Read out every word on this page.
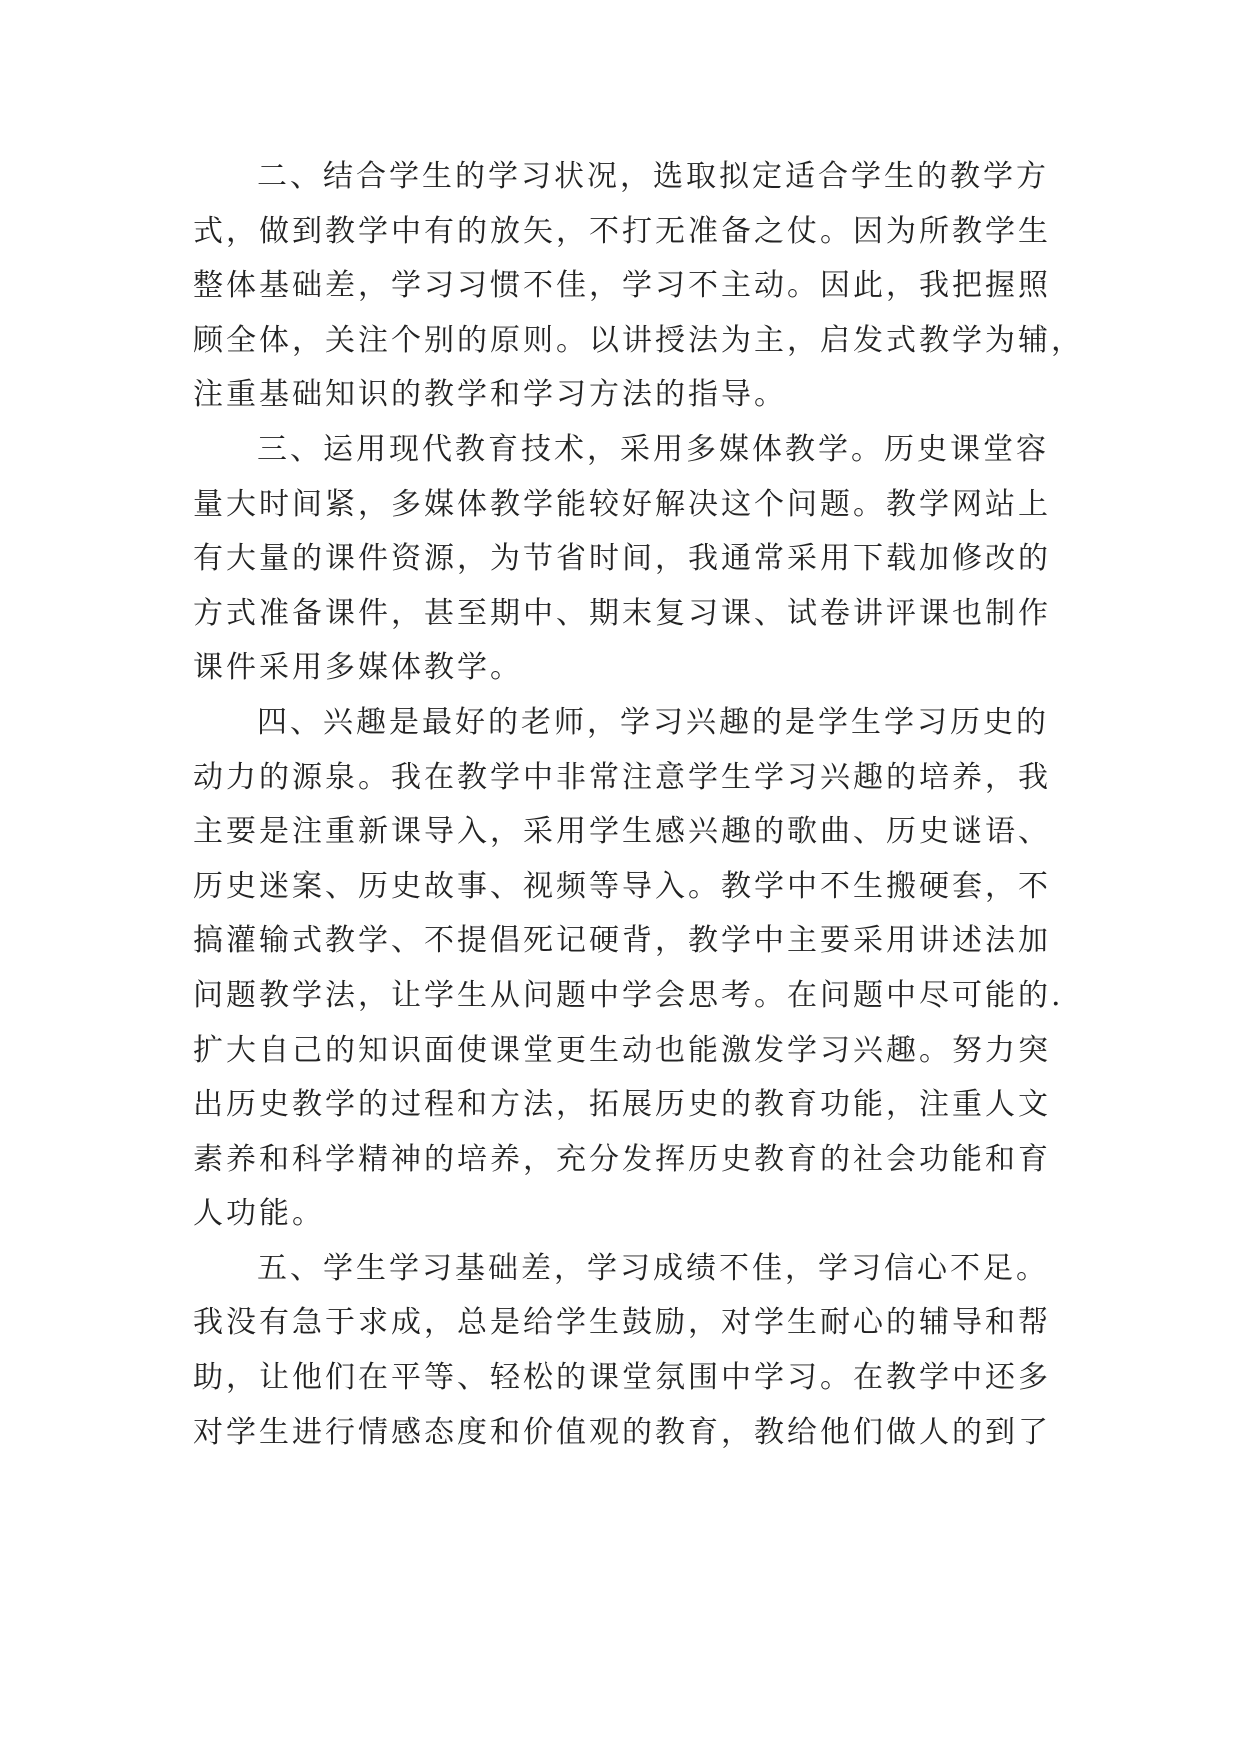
二、结合学生的学习状况，选取拟定适合学生的教学方
式，做到教学中有的放矢，不打无准备之仗。因为所教学生
整体基础差，学习习惯不佳，学习不主动。因此，我把握照
顾全体，关注个别的原则。以讲授法为主，启发式教学为辅，
注重基础知识的教学和学习方法的指导。
三、运用现代教育技术，采用多媒体教学。历史课堂容
量大时间紧，多媒体教学能较好解决这个问题。教学网站上
有大量的课件资源，为节省时间，我通常采用下载加修改的
方式准备课件，甚至期中、期末复习课、试卷讲评课也制作
课件采用多媒体教学。
四、兴趣是最好的老师，学习兴趣的是学生学习历史的
动力的源泉。我在教学中非常注意学生学习兴趣的培养，我
主要是注重新课导入，采用学生感兴趣的歌曲、历史谜语、
历史迷案、历史故事、视频等导入。教学中不生搬硬套，不
搞灌输式教学、不提倡死记硬背，教学中主要采用讲述法加
问题教学法，让学生从问题中学会思考。在问题中尽可能的.
扩大自己的知识面使课堂更生动也能激发学习兴趣。努力突
出历史教学的过程和方法，拓展历史的教育功能，注重人文
素养和科学精神的培养，充分发挥历史教育的社会功能和育
人功能。
五、学生学习基础差，学习成绩不佳，学习信心不足。
我没有急于求成，总是给学生鼓励，对学生耐心的辅导和帮
助，让他们在平等、轻松的课堂氛围中学习。在教学中还多
对学生进行情感态度和价值观的教育，教给他们做人的到了
